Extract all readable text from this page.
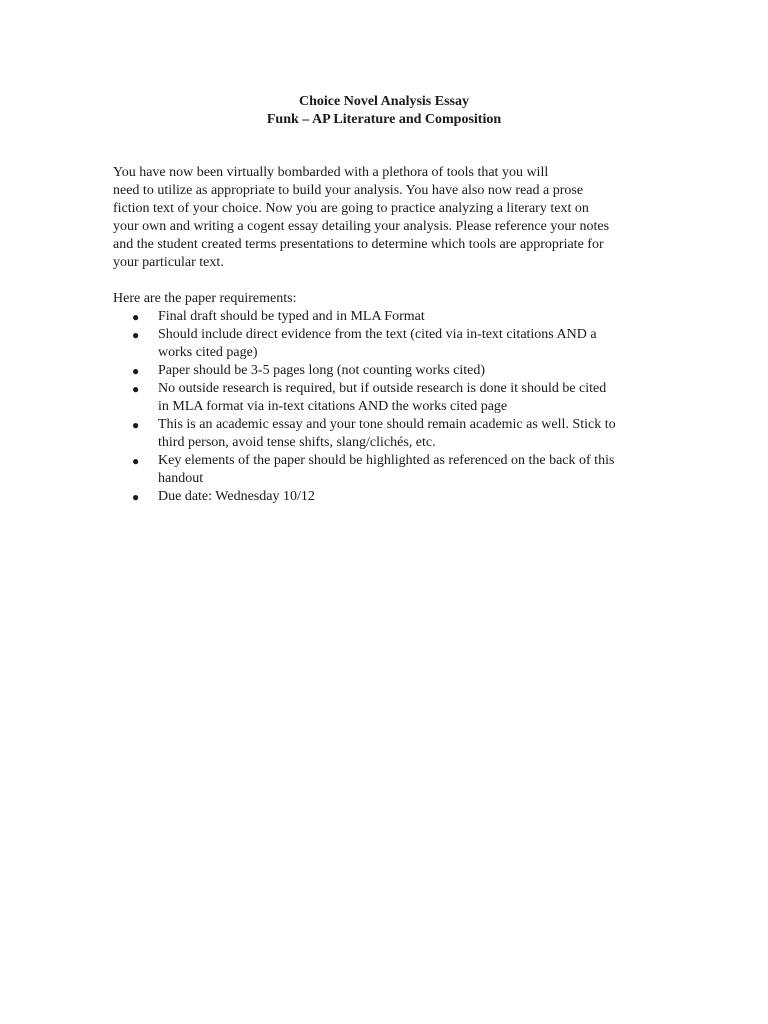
Choice Novel Analysis Essay
Funk – AP Literature and Composition
You have now been virtually bombarded with a plethora of tools that you will
need to utilize as appropriate to build your analysis. You have also now read a prose
fiction text of your choice. Now you are going to practice analyzing a literary text on
your own and writing a cogent essay detailing your analysis. Please reference your notes
and the student created terms presentations to determine which tools are appropriate for
your particular text.
Here are the paper requirements:
● Final draft should be typed and in MLA Format
● Should include direct evidence from the text (cited via in-text citations AND a
works cited page)
● Paper should be 3-5 pages long (not counting works cited)
● No outside research is required, but if outside research is done it should be cited
in MLA format via in-text citations AND the works cited page
● This is an academic essay and your tone should remain academic as well. Stick to
third person, avoid tense shifts, slang/clichés, etc.
● Key elements of the paper should be highlighted as referenced on the back of this
handout
● Due date: Wednesday 10/12
